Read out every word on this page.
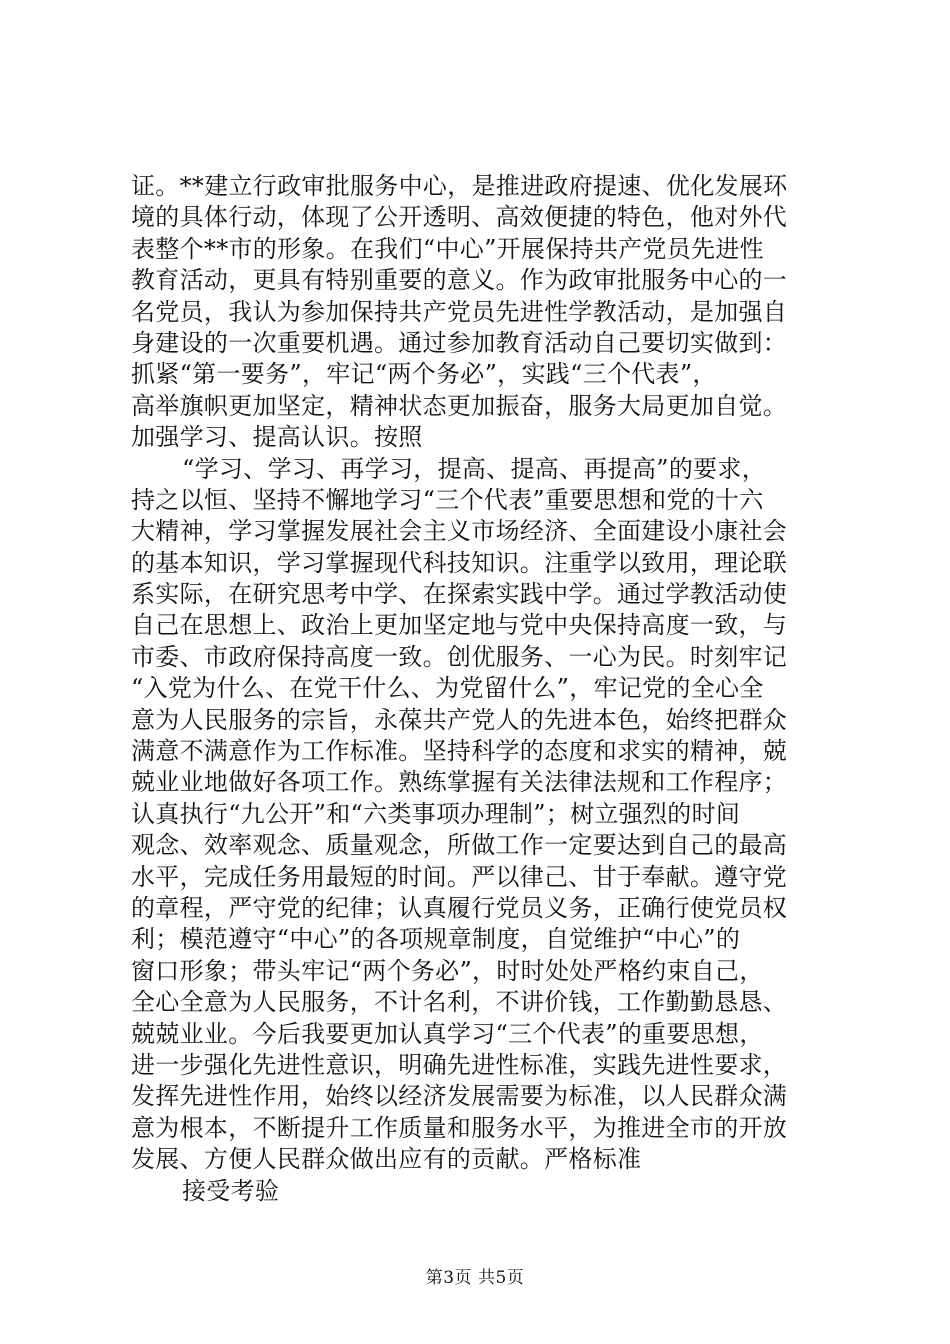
证。**建立行政审批服务中心，是推进政府提速、优化发展环
境的具体行动，体现了公开透明、高效便捷的特色，他对外代
表整个**市的形象。在我们“中心”开展保持共产党员先进性
教育活动，更具有特别重要的意义。作为政审批服务中心的一
名党员，我认为参加保持共产党员先进性学教活动，是加强自
身建设的一次重要机遇。通过参加教育活动自己要切实做到：
抓紧“第一要务”，牢记“两个务必”，实践“三个代表”，
高举旗帜更加坚定，精神状态更加振奋，服务大局更加自觉。
加强学习、提高认识。按照
“学习、学习、再学习，提高、提高、再提高”的要求，
持之以恒、坚持不懈地学习“三个代表”重要思想和党的十六
大精神，学习掌握发展社会主义市场经济、全面建设小康社会
的基本知识，学习掌握现代科技知识。注重学以致用，理论联
系实际，在研究思考中学、在探索实践中学。通过学教活动使
自己在思想上、政治上更加坚定地与党中央保持高度一致，与
市委、市政府保持高度一致。创优服务、一心为民。时刻牢记
“入党为什么、在党干什么、为党留什么”，牢记党的全心全
意为人民服务的宗旨，永葆共产党人的先进本色，始终把群众
满意不满意作为工作标准。坚持科学的态度和求实的精神，兢
兢业业地做好各项工作。熟练掌握有关法律法规和工作程序；
认真执行“九公开”和“六类事项办理制”；树立强烈的时间
观念、效率观念、质量观念，所做工作一定要达到自己的最高
水平，完成任务用最短的时间。严以律己、甘于奉献。遵守党
的章程，严守党的纪律；认真履行党员义务，正确行使党员权
利；模范遵守“中心”的各项规章制度，自觉维护“中心”的
窗口形象；带头牢记“两个务必”，时时处处严格约束自己，
全心全意为人民服务，不计名利，不讲价钱，工作勤勤恳恳、
兢兢业业。今后我要更加认真学习“三个代表”的重要思想，
进一步强化先进性意识，明确先进性标准，实践先进性要求，
发挥先进性作用，始终以经济发展需要为标准，以人民群众满
意为根本，不断提升工作质量和服务水平，为推进全市的开放
发展、方便人民群众做出应有的贡献。严格标准
接受考验
第3页 共5页
